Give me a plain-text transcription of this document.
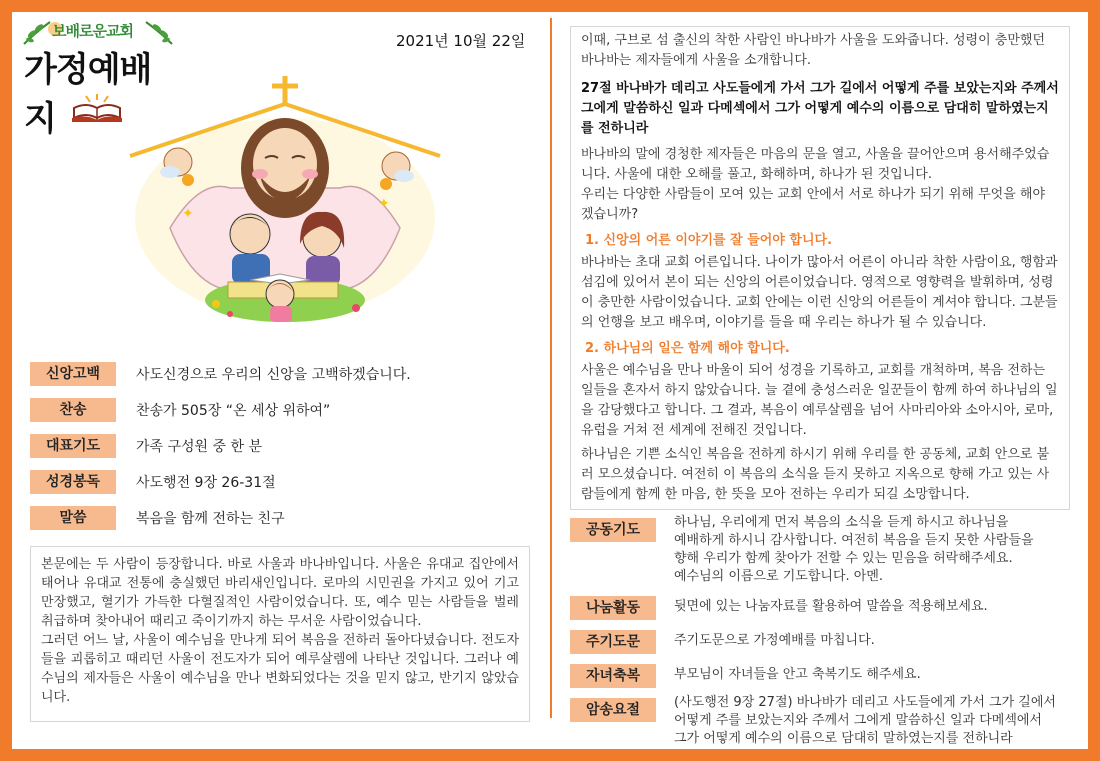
보배로운교회
가정예배지
2021년 10월 22일
✦
✦
신앙고백	사도신경으로 우리의 신앙을 고백하겠습니다.
찬송	찬송가 505장 “온 세상 위하여”
대표기도	가족 구성원 중 한 분
성경봉독	사도행전 9장 26-31절
말씀	복음을 함께 전하는 친구

본문에는 두 사람이 등장합니다. 바로 사울과 바나바입니다. 사울은 유대교 집안에서 태어나 유대교 전통에 충실했던 바리새인입니다. 로마의 시민권을 가지고 있어 기고만장했고, 혈기가 가득한 다혈질적인 사람이었습니다. 또, 예수 믿는 사람들을 벌레 취급하며 찾아내어 때리고 죽이기까지 하는 무서운 사람이었습니다.

그러던 어느 날, 사울이 예수님을 만나게 되어 복음을 전하러 돌아다녔습니다. 전도자들을 괴롭히고 때리던 사울이 전도자가 되어 예루살렘에 나타난 것입니다. 그러나 예수님의 제자들은 사울이 예수님을 만나 변화되었다는 것을 믿지 않고, 반기지 않았습니다.

이때, 구브로 섬 출신의 착한 사람인 바나바가 사울을 도와줍니다. 성령이 충만했던 바나바는 제자들에게 사울을 소개합니다.

27절 바나바가 데리고 사도들에게 가서 그가 길에서 어떻게 주를 보았는지와 주께서 그에게 말씀하신 일과 다메섹에서 그가 어떻게 예수의 이름으로 담대히 말하였는지를 전하니라

바나바의 말에 경청한 제자들은 마음의 문을 열고, 사울을 끌어안으며 용서해주었습니다. 사울에 대한 오해를 풀고, 화해하며, 하나가 된 것입니다.

우리는 다양한 사람들이 모여 있는 교회 안에서 서로 하나가 되기 위해 무엇을 해야 겠습니까?

1. 신앙의 어른 이야기를 잘 들어야 합니다.

바나바는 초대 교회 어른입니다. 나이가 많아서 어른이 아니라 착한 사람이요, 행함과 섬김에 있어서 본이 되는 신앙의 어른이었습니다. 영적으로 영향력을 발휘하며, 성령이 충만한 사람이었습니다. 교회 안에는 이런 신앙의 어른들이 계셔야 합니다. 그분들의 언행을 보고 배우며, 이야기를 들을 때 우리는 하나가 될 수 있습니다.

2. 하나님의 일은 함께 해야 합니다.

사울은 예수님을 만나 바울이 되어 성경을 기록하고, 교회를 개척하며, 복음 전하는 일들을 혼자서 하지 않았습니다. 늘 곁에 충성스러운 일꾼들이 함께 하여 하나님의 일을 감당했다고 합니다. 그 결과, 복음이 예루살렘을 넘어 사마리아와 소아시아, 로마, 유럽을 거쳐 전 세계에 전해진 것입니다.

하나님은 기쁜 소식인 복음을 전하게 하시기 위해 우리를 한 공동체, 교회 안으로 불러 모으셨습니다. 여전히 이 복음의 소식을 듣지 못하고 지옥으로 향해 가고 있는 사람들에게 함께 한 마음, 한 뜻을 모아 전하는 우리가 되길 소망합니다.

공동기도	하나님, 우리에게 먼저 복음의 소식을 듣게 하시고 하나님을
예배하게 하시니 감사합니다. 여전히 복음을 듣지 못한 사람들을
향해 우리가 함께 찾아가 전할 수 있는 믿음을 허락해주세요.
예수님의 이름으로 기도합니다. 아멘.
나눔활동	뒷면에 있는 나눔자료를 활용하여 말씀을 적용해보세요.
주기도문	주기도문으로 가정예배를 마칩니다.
자녀축복	부모님이 자녀들을 안고 축복기도 해주세요.
암송요절	(사도행전 9장 27절) 바나바가 데리고 사도들에게 가서 그가 길에서
어떻게 주를 보았는지와 주께서 그에게 말씀하신 일과 다메섹에서
그가 어떻게 예수의 이름으로 담대히 말하였는지를 전하니라
